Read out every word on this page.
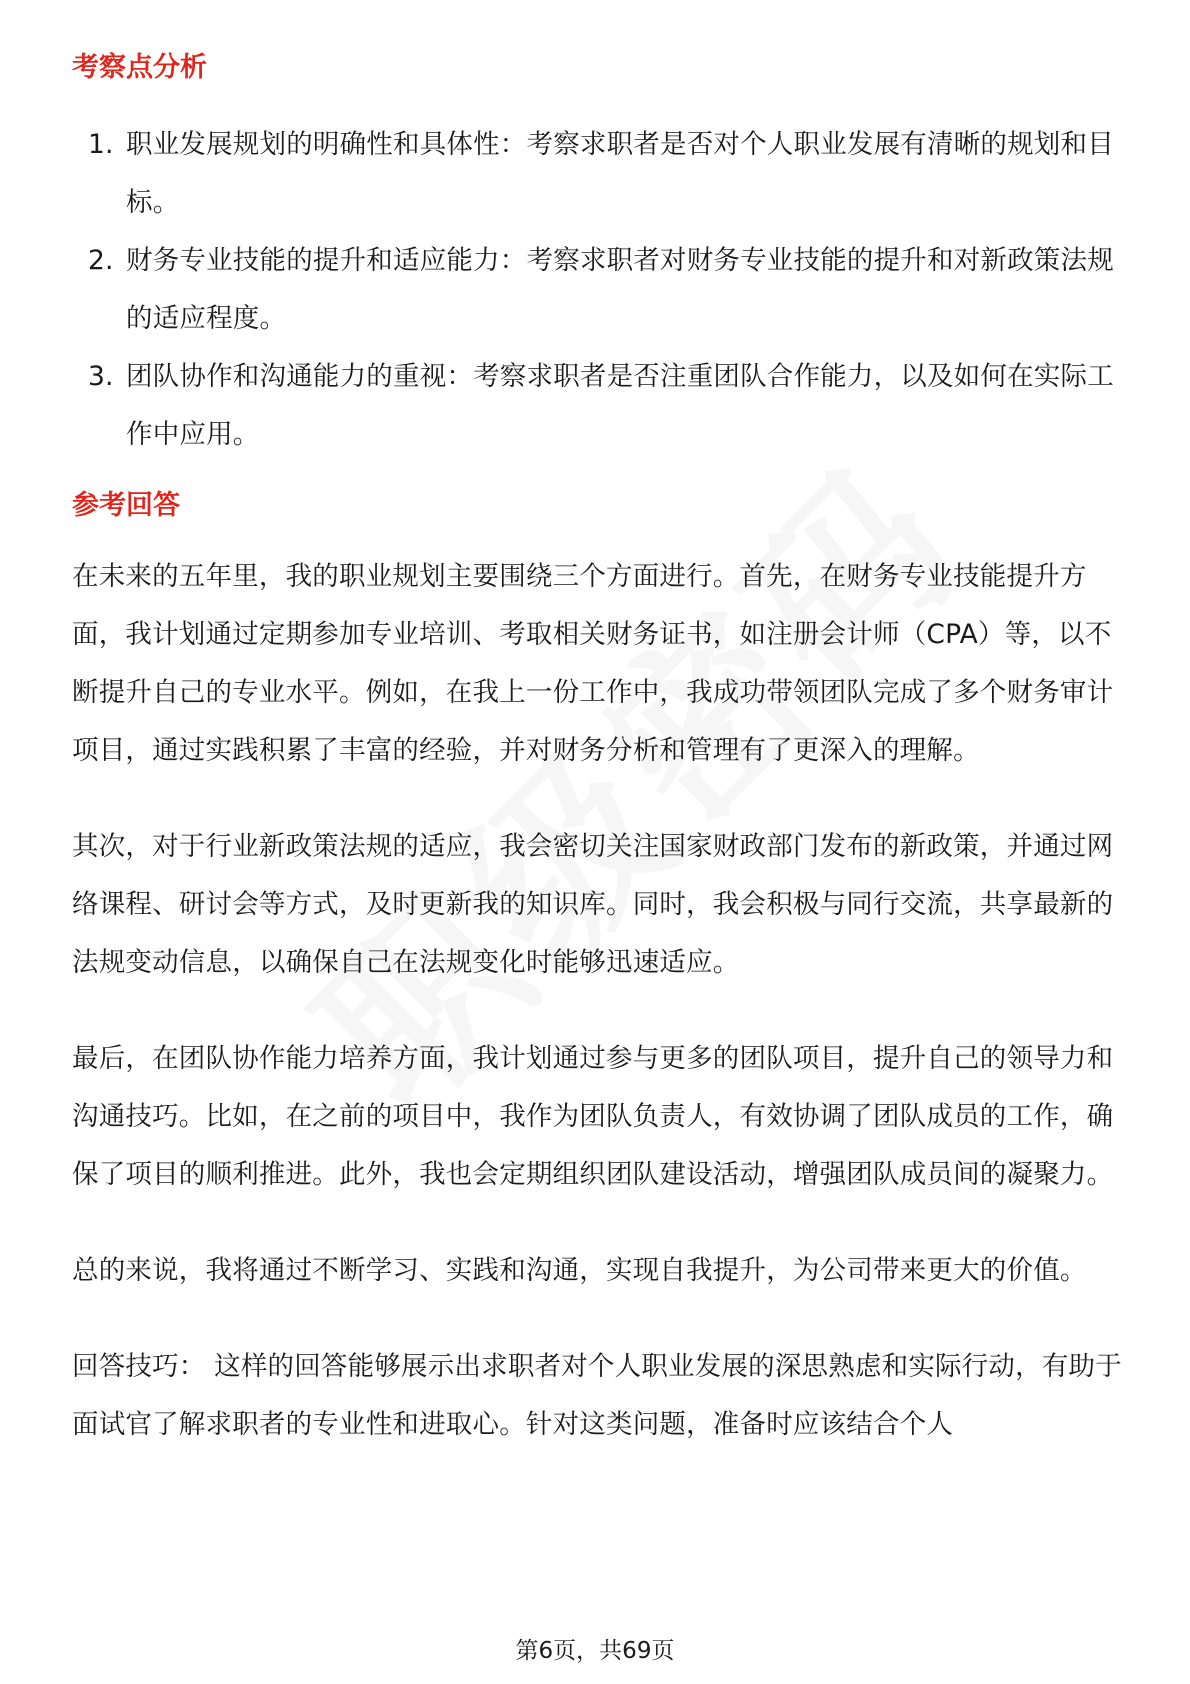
考察点分析
1. 职业发展规划的明确性和具体性：考察求职者是否对个人职业发展有清晰的规划和目标。
2. 财务专业技能的提升和适应能力：考察求职者对财务专业技能的提升和对新政策法规的适应程度。
3. 团队协作和沟通能力的重视：考察求职者是否注重团队合作能力，以及如何在实际工作中应用。
参考回答

在未来的五年里，我的职业规划主要围绕三个方面进行。首先，在财务专业技能提升方面，我计划通过定期参加专业培训、考取相关财务证书，如注册会计师（CPA）等，以不断提升自己的专业水平。例如，在我上一份工作中，我成功带领团队完成了多个财务审计项目，通过实践积累了丰富的经验，并对财务分析和管理有了更深入的理解。

其次，对于行业新政策法规的适应，我会密切关注国家财政部门发布的新政策，并通过网络课程、研讨会等方式，及时更新我的知识库。同时，我会积极与同行交流，共享最新的法规变动信息，以确保自己在法规变化时能够迅速适应。

最后，在团队协作能力培养方面，我计划通过参与更多的团队项目，提升自己的领导力和沟通技巧。比如，在之前的项目中，我作为团队负责人，有效协调了团队成员的工作，确保了项目的顺利推进。此外，我也会定期组织团队建设活动，增强团队成员间的凝聚力。

总的来说，我将通过不断学习、实践和沟通，实现自我提升，为公司带来更大的价值。

回答技巧： 这样的回答能够展示出求职者对个人职业发展的深思熟虑和实际行动，有助于面试官了解求职者的专业性和进取心。针对这类问题，准备时应该结合个人

第6页，共69页
